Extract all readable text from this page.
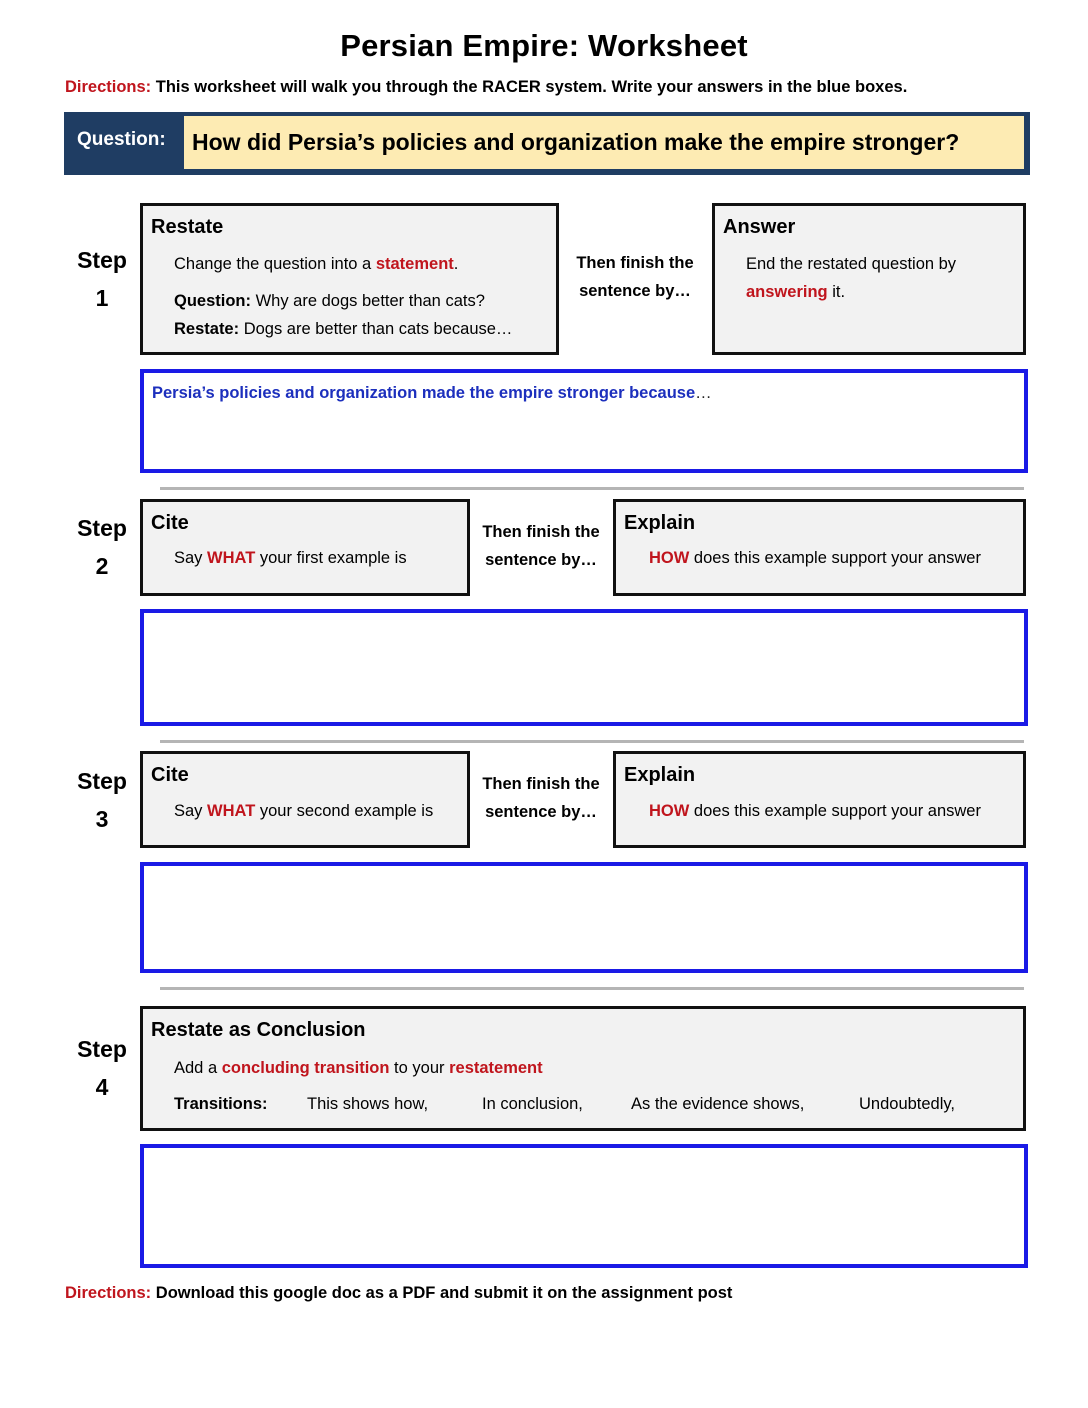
Persian Empire: Worksheet
Directions: This worksheet will walk you through the RACER system. Write your answers in the blue boxes.
Question:	How did Persia’s policies and organization make the empire stronger?
Step
1
Restate
Change the question into a statement.
Question: Why are dogs better than cats?
Restate: Dogs are better than cats because…
Then finish the
sentence by…
Answer
End the restated question by
answering it.
Persia’s policies and organization made the empire stronger because…
Step
2
Cite
Say WHAT your first example is
Then finish the
sentence by…
Explain
HOW does this example support your answer
Step
3
Cite
Say WHAT your second example is
Then finish the
sentence by…
Explain
HOW does this example support your answer
Step
4
Restate as Conclusion
Add a concluding transition to your restatement
Transitions: This shows how,	In conclusion,	As the evidence shows,	Undoubtedly,
Directions: Download this google doc as a PDF and submit it on the assignment post
